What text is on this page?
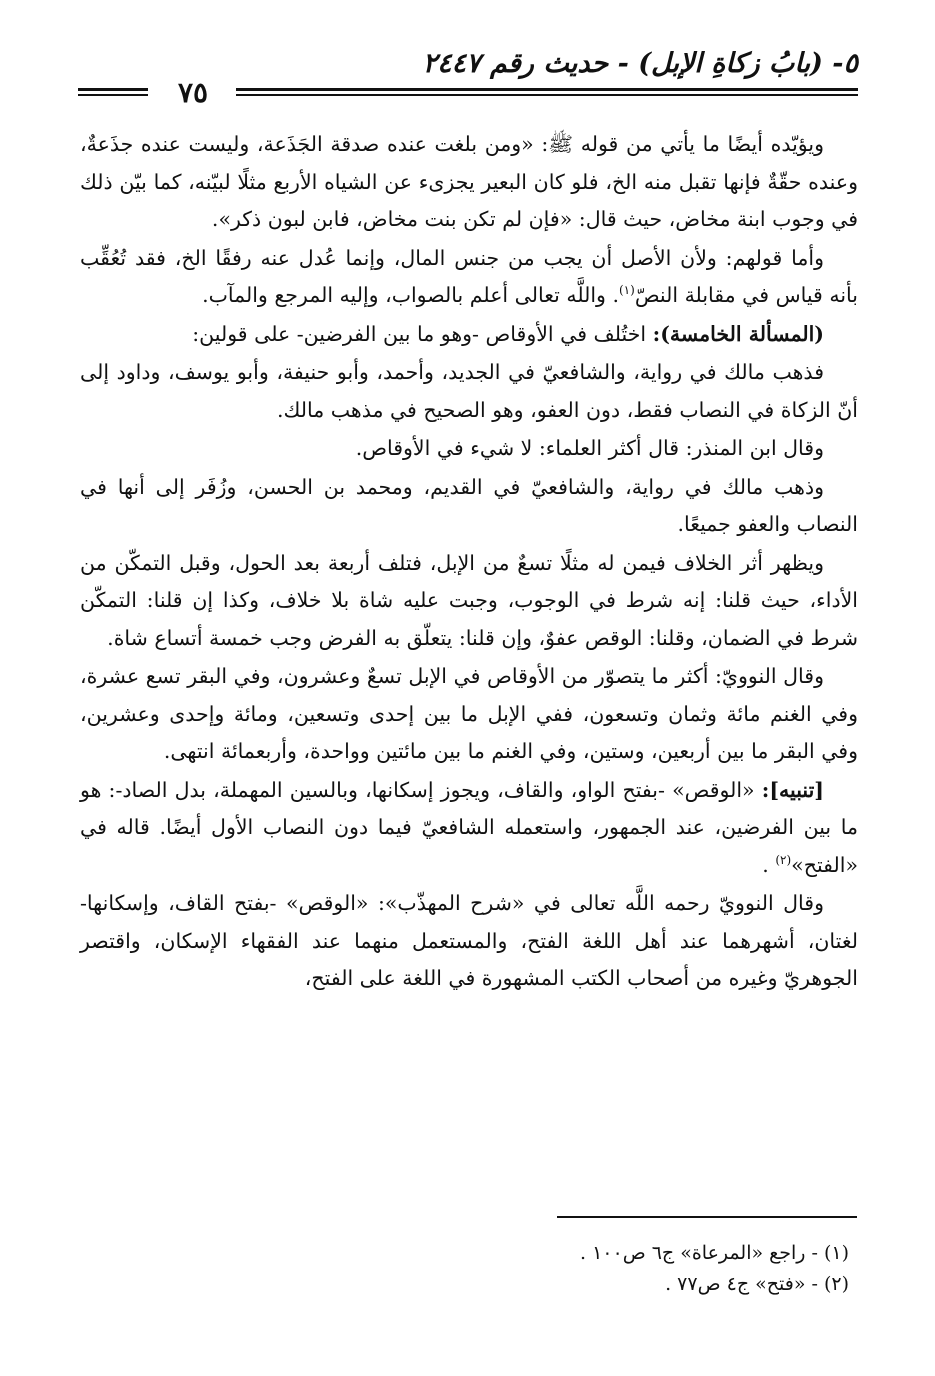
٥- (بابُ زكاةِ الإبل) - حديث رقم ٢٤٤٧
٧٥

ويؤيّده أيضًا ما يأتي من قوله ﷺ: «ومن بلغت عنده صدقة الجَذَعة، وليست عنده جذَعةٌ، وعنده حقّةٌ فإنها تقبل منه الخ، فلو كان البعير يجزىء عن الشياه الأربع مثلًا لبيّنه، كما بيّن ذلك في وجوب ابنة مخاض، حيث قال: «فإن لم تكن بنت مخاض، فابن لبون ذكر».

وأما قولهم: ولأن الأصل أن يجب من جنس المال، وإنما عُدل عنه رفقًا الخ، فقد تُعُقِّب بأنه قياس في مقابلة النصّ$^{(١)}$. واللَّه تعالى أعلم بالصواب، وإليه المرجع والمآب.

(المسألة الخامسة): اختُلف في الأوقاص -وهو ما بين الفرضين- على قولين:

فذهب مالك في رواية، والشافعيّ في الجديد، وأحمد، وأبو حنيفة، وأبو يوسف، وداود إلى أنّ الزكاة في النصاب فقط، دون العفو، وهو الصحيح في مذهب مالك.

وقال ابن المنذر: قال أكثر العلماء: لا شيء في الأوقاص.

وذهب مالك في رواية، والشافعيّ في القديم، ومحمد بن الحسن، وزُفَر إلى أنها في النصاب والعفو جميعًا.

ويظهر أثر الخلاف فيمن له مثلًا تسعٌ من الإبل، فتلف أربعة بعد الحول، وقبل التمكّن من الأداء، حيث قلنا: إنه شرط في الوجوب، وجبت عليه شاة بلا خلاف، وكذا إن قلنا: التمكّن شرط في الضمان، وقلنا: الوقص عفوٌ، وإن قلنا: يتعلّق به الفرض وجب خمسة أتساع شاة.

وقال النوويّ: أكثر ما يتصوّر من الأوقاص في الإبل تسعٌ وعشرون، وفي البقر تسع عشرة، وفي الغنم مائة وثمان وتسعون، ففي الإبل ما بين إحدى وتسعين، ومائة وإحدى وعشرين، وفي البقر ما بين أربعين، وستين، وفي الغنم ما بين مائتين وواحدة، وأربعمائة انتهى.

[تنبيه]: «الوقص» -بفتح الواو، والقاف، ويجوز إسكانها، وبالسين المهملة، بدل الصاد-: هو ما بين الفرضين، عند الجمهور، واستعمله الشافعيّ فيما دون النصاب الأول أيضًا. قاله في «الفتح»$^{(٢)}$ .

وقال النوويّ رحمه اللَّه تعالى في «شرح المهذّب»: «الوقص» -بفتح القاف، وإسكانها- لغتان، أشهرهما عند أهل اللغة الفتح، والمستعمل منهما عند الفقهاء الإسكان، واقتصر الجوهريّ وغيره من أصحاب الكتب المشهورة في اللغة على الفتح،

(١) - راجع «المرعاة» ج٦ ص١٠٠ .
(٢) - «فتح» ج٤ ص٧٧ .
